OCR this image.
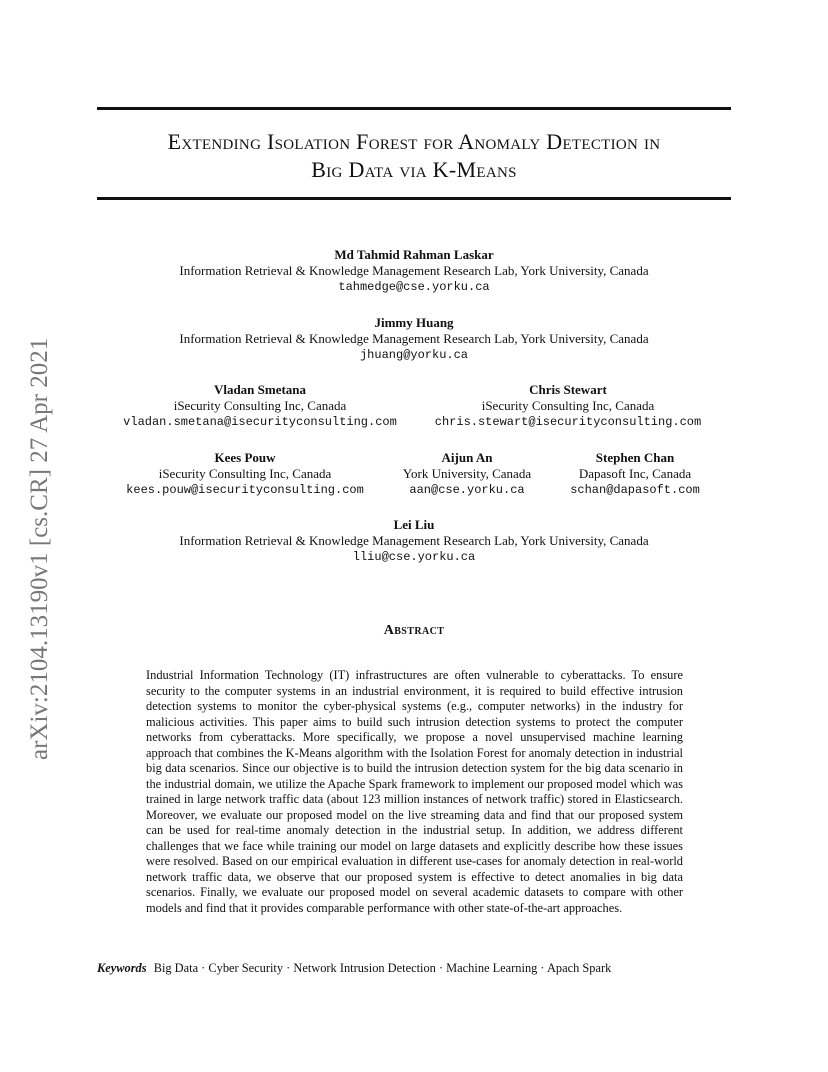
arXiv:2104.13190v1 [cs.CR] 27 Apr 2021
Extending Isolation Forest for Anomaly Detection in
Big Data via K-Means
Md Tahmid Rahman Laskar
Information Retrieval & Knowledge Management Research Lab, York University, Canada
tahmedge@cse.yorku.ca
Jimmy Huang
Information Retrieval & Knowledge Management Research Lab, York University, Canada
jhuang@yorku.ca
Vladan Smetana
iSecurity Consulting Inc, Canada
vladan.smetana@isecurityconsulting.com
Chris Stewart
iSecurity Consulting Inc, Canada
chris.stewart@isecurityconsulting.com
Kees Pouw
iSecurity Consulting Inc, Canada
kees.pouw@isecurityconsulting.com
Aijun An
York University, Canada
aan@cse.yorku.ca
Stephen Chan
Dapasoft Inc, Canada
schan@dapasoft.com
Lei Liu
Information Retrieval & Knowledge Management Research Lab, York University, Canada
lliu@cse.yorku.ca
Abstract
Industrial Information Technology (IT) infrastructures are often vulnerable to cyberattacks. To ensure security to the computer systems in an industrial environment, it is required to build effective intrusion detection systems to monitor the cyber-physical systems (e.g., computer networks) in the industry for malicious activities. This paper aims to build such intrusion detection systems to protect the computer networks from cyberattacks. More specifically, we propose a novel unsupervised machine learning approach that combines the K-Means algorithm with the Isolation Forest for anomaly detection in industrial big data scenarios. Since our objective is to build the intrusion detection system for the big data scenario in the industrial domain, we utilize the Apache Spark framework to implement our proposed model which was trained in large network traffic data (about 123 million instances of network traffic) stored in Elasticsearch. Moreover, we evaluate our proposed model on the live streaming data and find that our proposed system can be used for real-time anomaly detection in the industrial setup. In addition, we address different challenges that we face while training our model on large datasets and explicitly describe how these issues were resolved. Based on our empirical evaluation in different use-cases for anomaly detection in real-world network traffic data, we observe that our proposed system is effective to detect anomalies in big data scenarios. Finally, we evaluate our proposed model on several academic datasets to compare with other models and find that it provides comparable performance with other state-of-the-art approaches.
Keywords Big Data · Cyber Security · Network Intrusion Detection · Machine Learning · Apach Spark
